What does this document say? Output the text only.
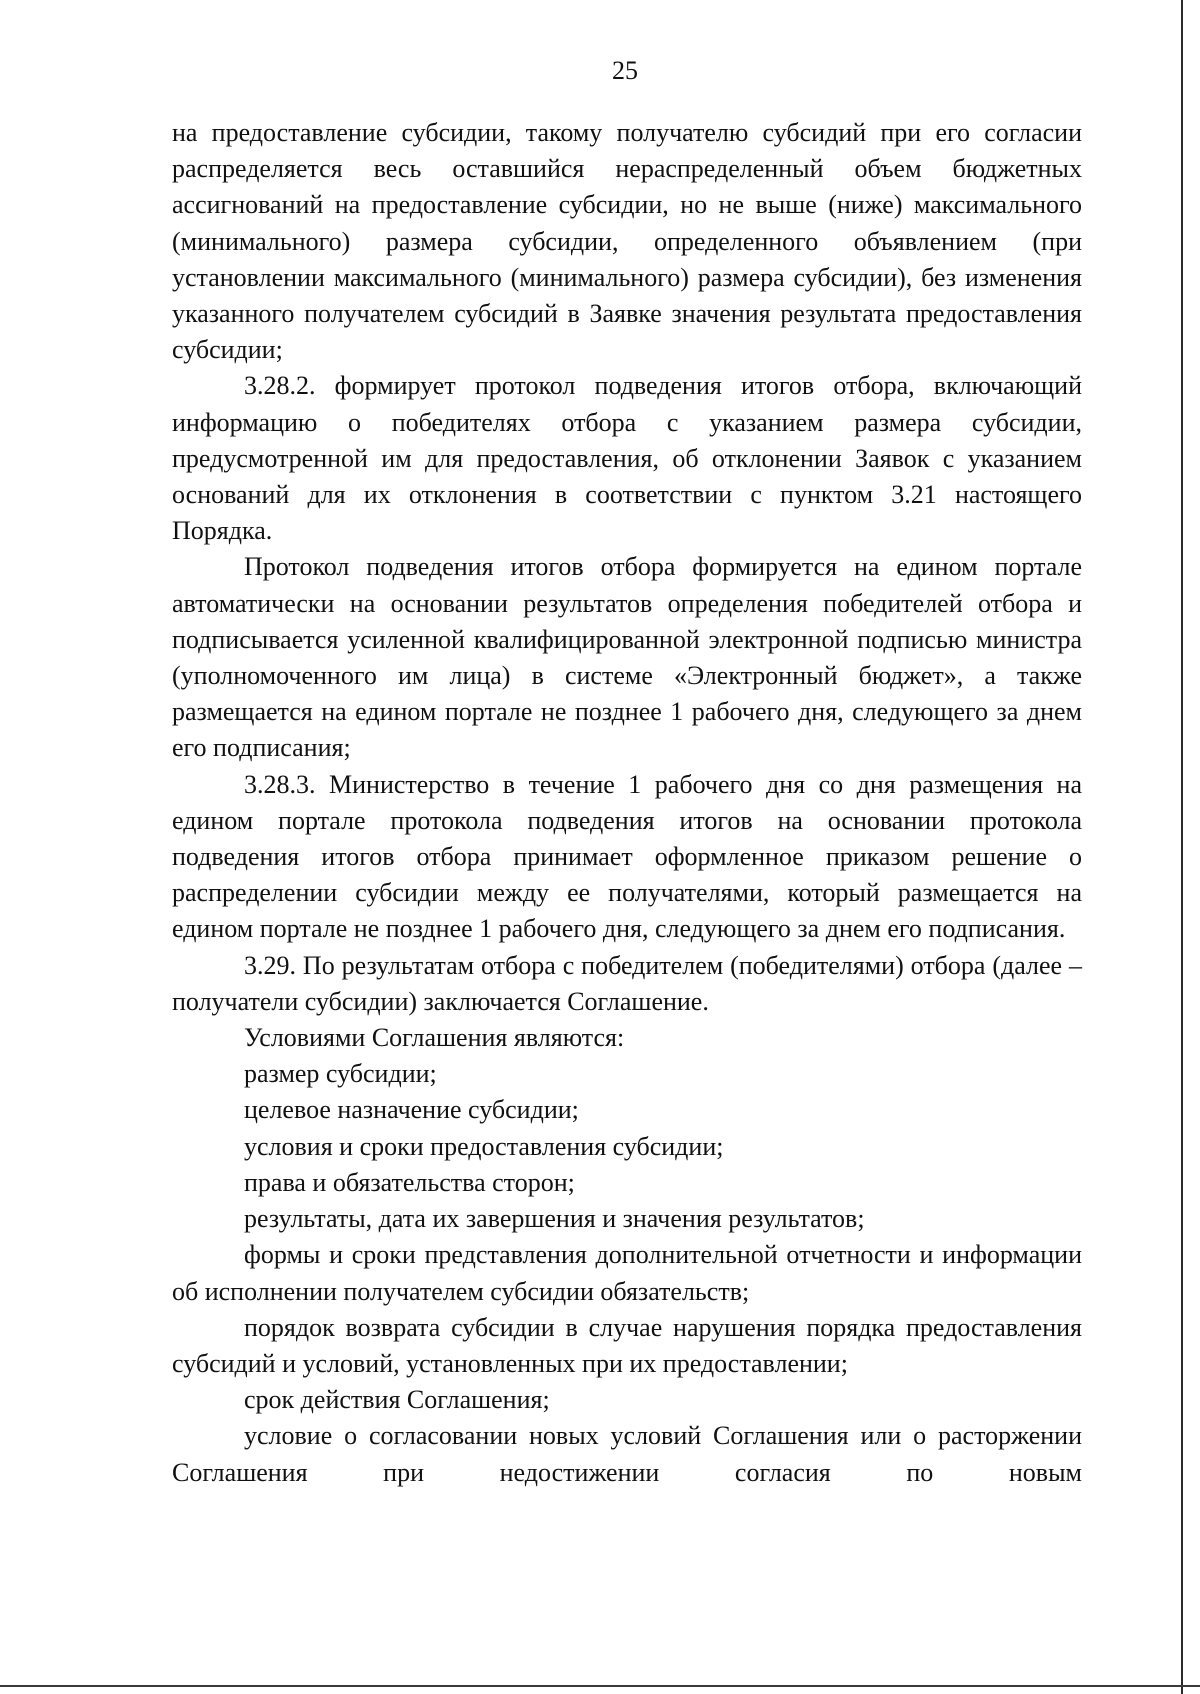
25

на предоставление субсидии, такому получателю субсидий при его согласии распределяется весь оставшийся нераспределенный объем бюджетных ассигнований на предоставление субсидии, но не выше (ниже) максимального (минимального) размера субсидии, определенного объявлением (при установлении максимального (минимального) размера субсидии), без изменения указанного получателем субсидий в Заявке значения результата предоставления субсидии;

3.28.2. формирует протокол подведения итогов отбора, включающий информацию о победителях отбора с указанием размера субсидии, предусмотренной им для предоставления, об отклонении Заявок с указанием оснований для их отклонения в соответствии с пунктом 3.21 настоящего Порядка.

Протокол подведения итогов отбора формируется на едином портале автоматически на основании результатов определения победителей отбора и подписывается усиленной квалифицированной электронной подписью министра (уполномоченного им лица) в системе «Электронный бюджет», а также размещается на едином портале не позднее 1 рабочего дня, следующего за днем его подписания;

3.28.3. Министерство в течение 1 рабочего дня со дня размещения на едином портале протокола подведения итогов на основании протокола подведения итогов отбора принимает оформленное приказом решение о распределении субсидии между ее получателями, который размещается на едином портале не позднее 1 рабочего дня, следующего за днем его подписания.

3.29. По результатам отбора с победителем (победителями) отбора (далее – получатели субсидии) заключается Соглашение.

Условиями Соглашения являются:

размер субсидии;

целевое назначение субсидии;

условия и сроки предоставления субсидии;

права и обязательства сторон;

результаты, дата их завершения и значения результатов;

формы и сроки представления дополнительной отчетности и информации об исполнении получателем субсидии обязательств;

порядок возврата субсидии в случае нарушения порядка предоставления субсидий и условий, установленных при их предоставлении;

срок действия Соглашения;

условие о согласовании новых условий Соглашения или о расторжении Соглашения при недостижении согласия по новым
